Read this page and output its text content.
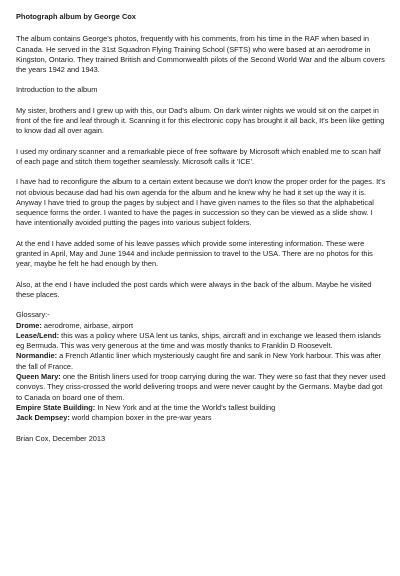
Photograph album by George Cox

The album contains George's photos, frequently with his comments, from his time in the RAF when based in Canada. He served in the 31st Squadron Flying Training School (SFTS) who were based at an aerodrome in Kingston, Ontario. They trained British and Commonwealth pilots of the Second World War and the album covers the years 1942 and 1943.

Introduction to the album

My sister, brothers and I grew up with this, our Dad's album. On dark winter nights we would sit on the carpet in front of the fire and leaf through it. Scanning it for this electronic copy has brought it all back, It's been like getting to know dad all over again.

I used my ordinary scanner and a remarkable piece of free software by Microsoft which enabled me to scan half of each page and stitch them together seamlessly. Microsoft calls it 'ICE'.

I have had to reconfigure the album to a certain extent because we don't know the proper order for the pages. It's not obvious because dad had his own agenda for the album and he knew why he had it set up the way it is. Anyway I have tried to group the pages by subject and I have given names to the files so that the alphabetical sequence forms the order. I wanted to have the pages in succession so they can be viewed as a slide show. I have intentionally avoided putting the pages into various subject folders.

At the end I have added some of his leave passes which provide some interesting information. These were granted in April, May and June 1944 and include permission to travel to the USA. There are no photos for this year, maybe he felt he had enough by then.

Also, at the end I have included the post cards which were always in the back of the album. Maybe he visited these places.

Glossary:-
Drome: aerodrome, airbase, airport
Lease/Lend: this was a policy where USA lent us tanks, ships, aircraft and in exchange we leased them islands eg Bermuda. This was very generous at the time and was mostly thanks to Franklin D Roosevelt.
Normandie: a French Atlantic liner which mysteriously caught fire and sank in New York harbour. This was after the fall of France.
Queen Mary: one the British liners used for troop carrying during the war. They were so fast that they never used convoys. They criss-crossed the world delivering troops and were never caught by the Germans. Maybe dad got to Canada on board one of them.
Empire State Building: In New York and at the time the World's tallest building
Jack Dempsey: world champion boxer in the pre-war years
Brian Cox, December 2013
